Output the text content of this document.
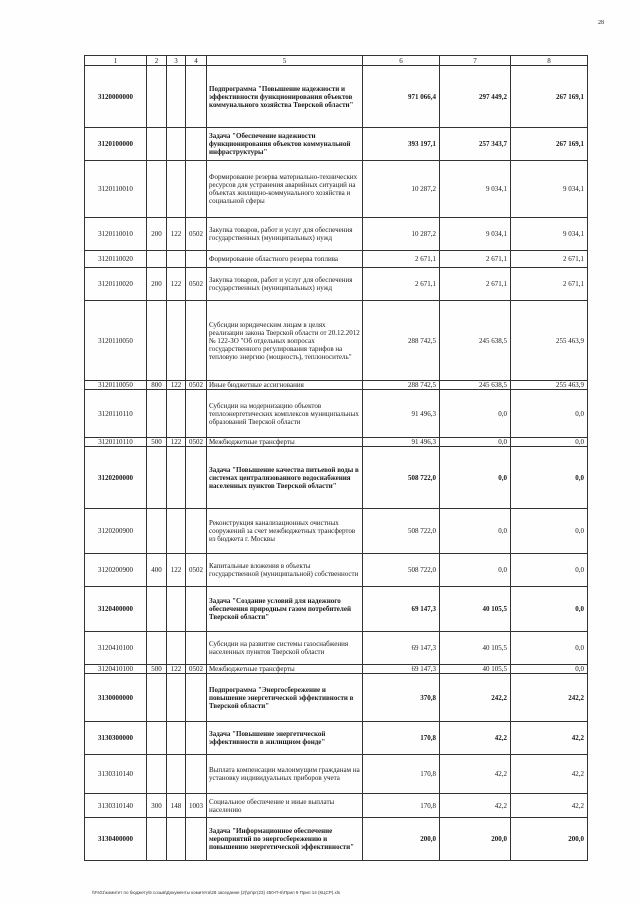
28
1	2	3	4	5	6	7	8
3120000000				Подпрограмма "Повышение надежности и эффективности функционирования объектов коммунального хозяйства Тверской области"	971 066,4	297 449,2	267 169,1
3120100000				Задача "Обеспечение надежности функционирования объектов коммунальной инфраструктуры"	393 197,1	257 343,7	267 169,1
3120110010				Формирование резерва материально-технических ресурсов для устранения аварийных ситуаций на объектах жилищно-коммунального хозяйства и социальной сферы	10 287,2	9 034,1	9 034,1
3120110010	200	122	0502	Закупка товаров, работ и услуг для обеспечения государственных (муниципальных) нужд	10 287,2	9 034,1	9 034,1
3120110020				Формирование областного резерва топлива	2 671,1	2 671,1	2 671,1
3120110020	200	122	0502	Закупка товаров, работ и услуг для обеспечения государственных (муниципальных) нужд	2 671,1	2 671,1	2 671,1
3120110050				Субсидии юридическим лицам в целях реализации закона Тверской области от 20.12.2012 № 122-ЗО "Об отдельных вопросах государственного регулирования тарифов на тепловую энергию (мощность), теплоноситель"	288 742,5	245 638,5	255 463,9
3120110050	800	122	0502	Иные бюджетные ассигнования	288 742,5	245 638,5	255 463,9
3120110110				Субсидии на модернизацию объектов теплоэнергетических комплексов муниципальных образований Тверской области	91 496,3	0,0	0,0
3120110110	500	122	0502	Межбюджетные трансферты	91 496,3	0,0	0,0
3120200000				Задача "Повышение качества питьевой воды в системах централизованного водоснабжения населенных пунктов Тверской области"	508 722,0	0,0	0,0
3120200900				Реконструкция канализационных очистных сооружений за счет межбюджетных трансфертов из бюджета г. Москвы	508 722,0	0,0	0,0
3120200900	400	122	0502	Капитальные вложения в объекты государственной (муниципальной) собственности	508 722,0	0,0	0,0
3120400000				Задача "Создание условий для надежного обеспечения природным газом потребителей Тверской области"	69 147,3	40 105,5	0,0
3120410100				Субсидии на развитие системы газоснабжения населенных пунктов Тверской области	69 147,3	40 105,5	0,0
3120410100	500	122	0502	Межбюджетные трансферты	69 147,3	40 105,5	0,0
3130000000				Подпрограмма "Энергосбережение и повышение энергетической эффективности в Тверской области"	370,8	242,2	242,2
3130300000				Задача "Повышение энергетической эффективности в жилищном фонде"	170,8	42,2	42,2
3130310140				Выплата компенсации малоимущим гражданам на установку индивидуальных приборов учета	170,8	42,2	42,2
3130310140	300	148	1003	Социальное обеспечение и иные выплаты населению	170,8	42,2	42,2
3130400000				Задача "Информационное обеспечение мероприятий по энергосбережению и повышению энергетической эффективности"	200,0	200,0	200,0
\\Fs01\комитет по бюджету\6 созыв\Документы комитета\28 заседание (2)\рг\рг(23) 450-П-6\Прил 9 Прил 14 (КЦСР).xls
